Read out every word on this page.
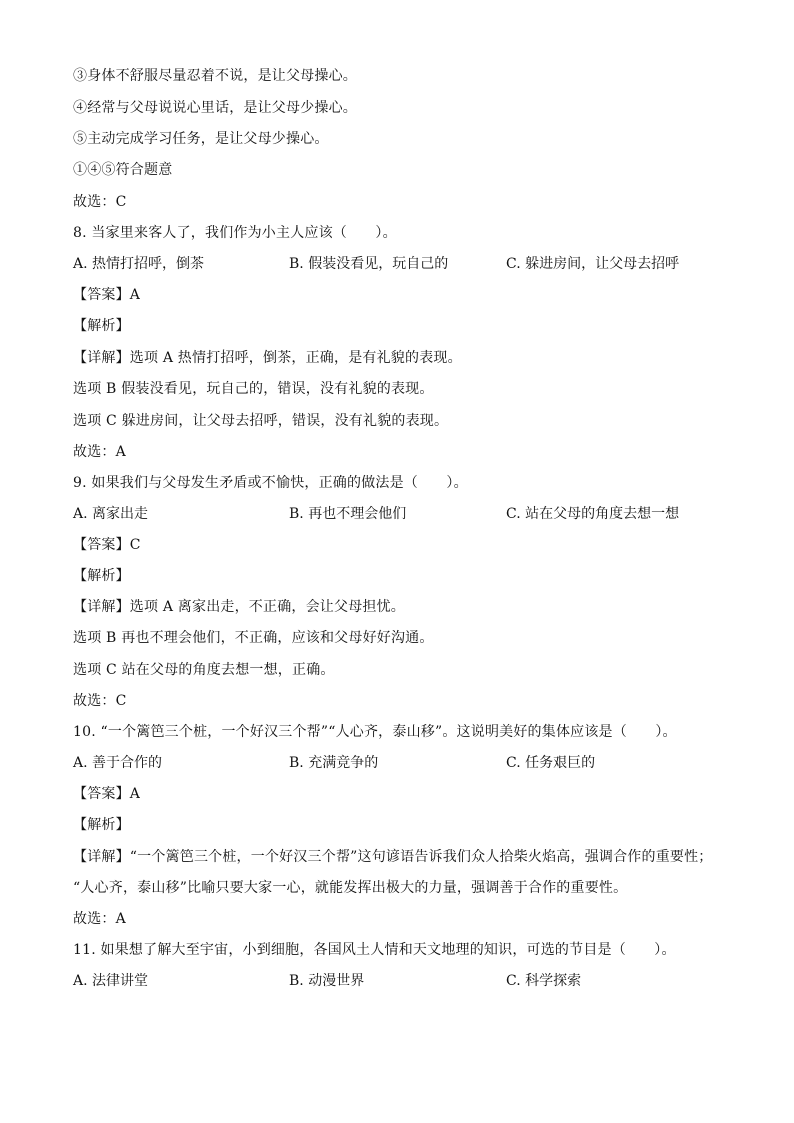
③身体不舒服尽量忍着不说，是让父母操心。
④经常与父母说说心里话，是让父母少操心。
⑤主动完成学习任务，是让父母少操心。
①④⑤符合题意
故选：C
8. 当家里来客人了，我们作为小主人应该（　　）。
A. 热情打招呼，倒茶	B. 假装没看见，玩自己的	C. 躲进房间，让父母去招呼
【答案】A
【解析】
【详解】选项 A 热情打招呼，倒茶，正确，是有礼貌的表现。
选项 B 假装没看见，玩自己的，错误，没有礼貌的表现。
选项 C 躲进房间，让父母去招呼，错误，没有礼貌的表现。
故选：A
9. 如果我们与父母发生矛盾或不愉快，正确的做法是（　　）。
A. 离家出走	B. 再也不理会他们	C. 站在父母的角度去想一想
【答案】C
【解析】
【详解】选项 A 离家出走，不正确，会让父母担忧。
选项 B 再也不理会他们，不正确，应该和父母好好沟通。
选项 C 站在父母的角度去想一想，正确。
故选：C
10. “一个篱笆三个桩，一个好汉三个帮”“人心齐，泰山移”。这说明美好的集体应该是（　　）。
A. 善于合作的	B. 充满竞争的	C. 任务艰巨的
【答案】A
【解析】
【详解】“一个篱笆三个桩，一个好汉三个帮”这句谚语告诉我们众人拾柴火焰高，强调合作的重要性；
“人心齐，泰山移”比喻只要大家一心，就能发挥出极大的力量，强调善于合作的重要性。
故选：A
11. 如果想了解大至宇宙，小到细胞，各国风土人情和天文地理的知识，可选的节目是（　　）。
A. 法律讲堂	B. 动漫世界	C. 科学探索
